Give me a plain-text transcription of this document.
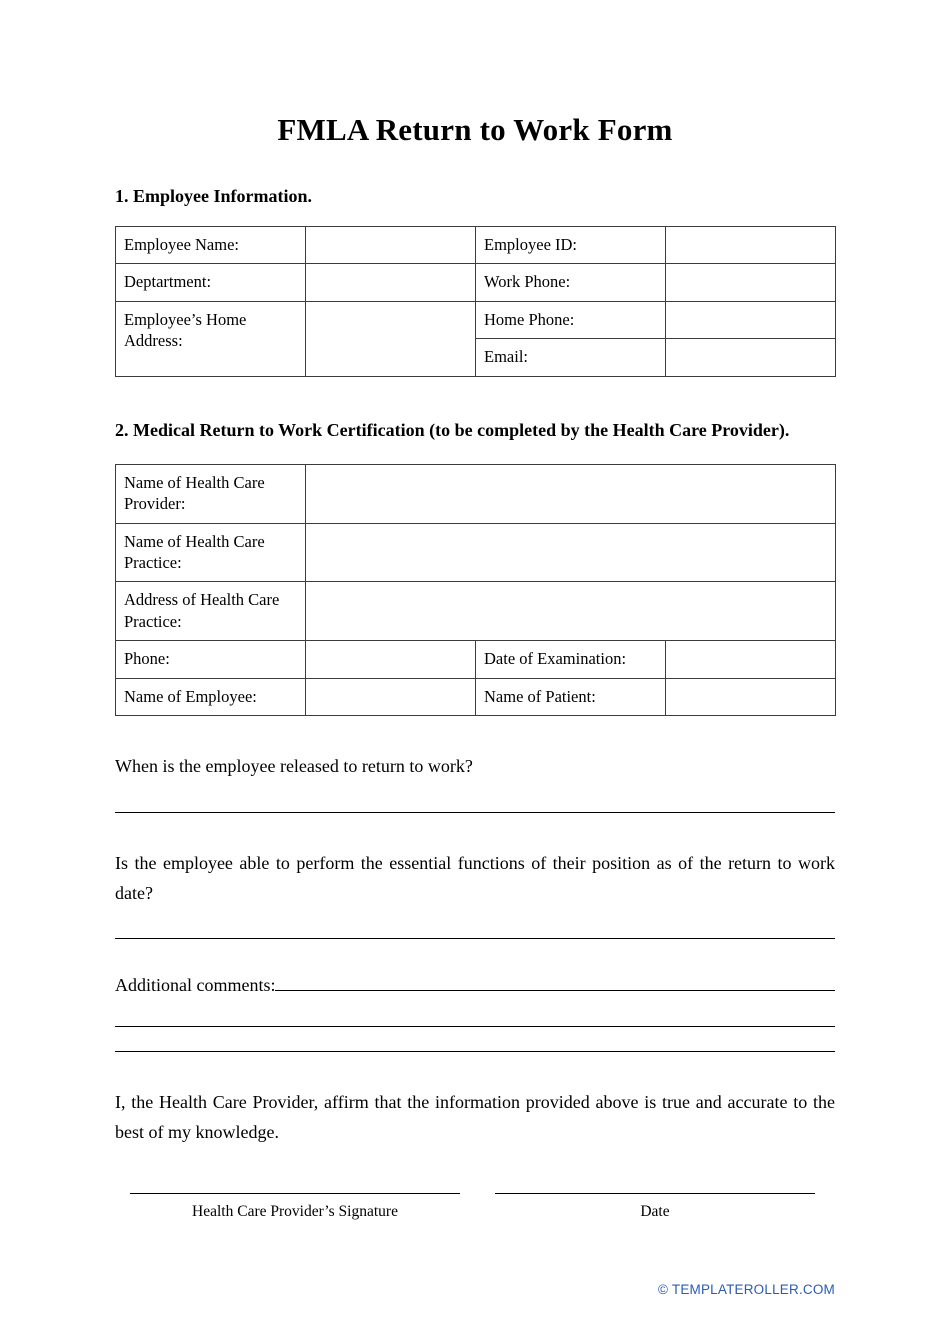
FMLA Return to Work Form
1. Employee Information.
Employee Name:		Employee ID:	
Deptartment:		Work Phone:	
Employee’s Home Address:		Home Phone:	
		Email:	
2. Medical Return to Work Certification (to be completed by the Health Care Provider).
Name of Health Care Provider:			
Name of Health Care Practice:			
Address of Health Care Practice:			
Phone:		Date of Examination:	
Name of Employee:		Name of Patient:	

When is the employee released to return to work?

Is the employee able to perform the essential functions of their position as of the return to work date?

Additional comments:

I, the Health Care Provider, affirm that the information provided above is true and accurate to the best of my knowledge.

Health Care Provider’s Signature	Date
© TEMPLATEROLLER.COM
